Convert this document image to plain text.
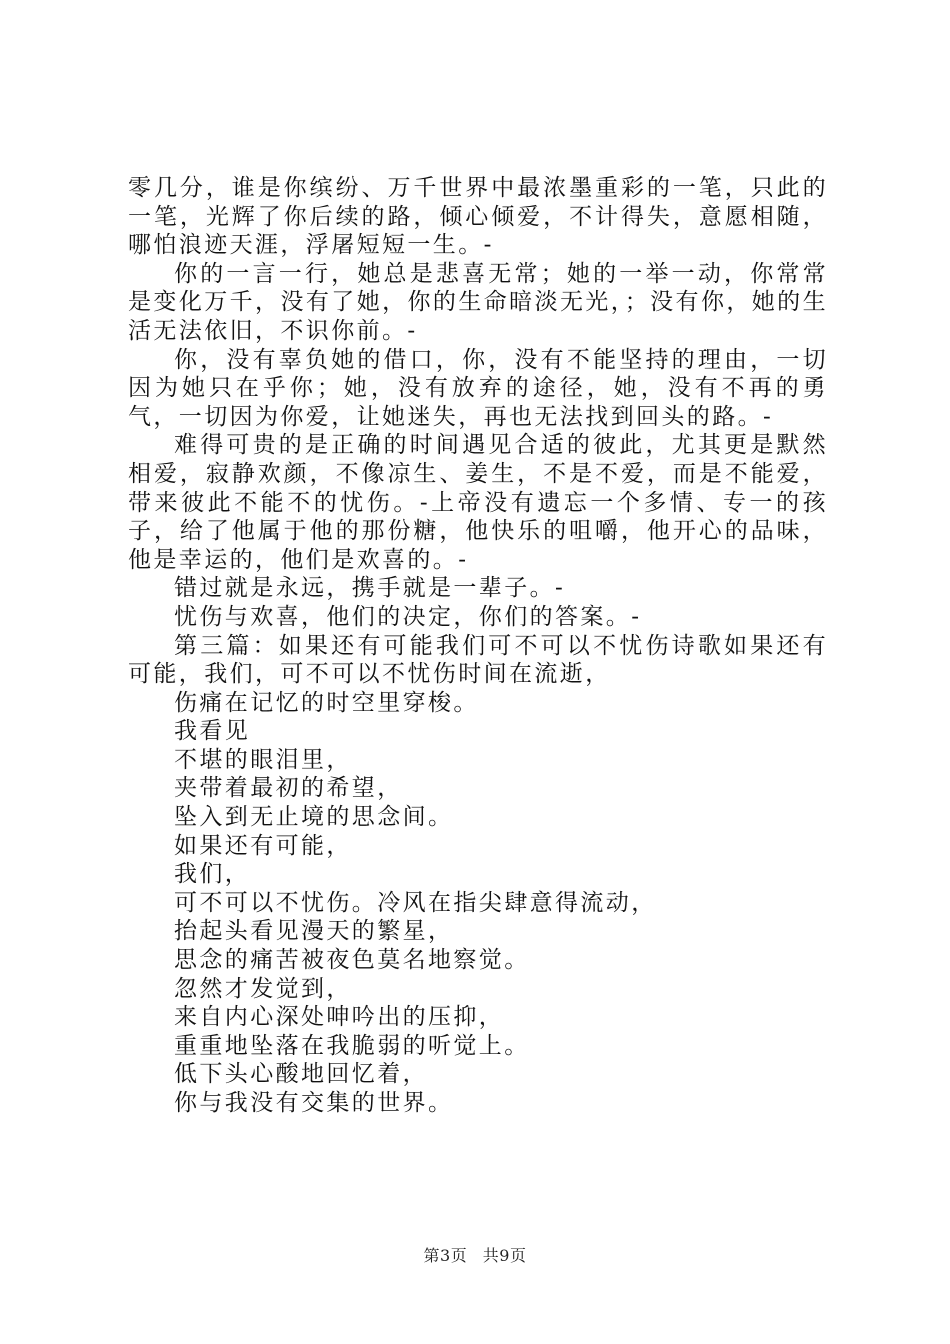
零几分，谁是你缤纷、万千世界中最浓墨重彩的一笔，只此的一笔，光辉了你后续的路，倾心倾爱，不计得失，意愿相随，哪怕浪迹天涯，浮屠短短一生。-

你的一言一行，她总是悲喜无常；她的一举一动，你常常是变化万千，没有了她，你的生命暗淡无光，；没有你，她的生活无法依旧，不识你前。-

你，没有辜负她的借口，你，没有不能坚持的理由，一切因为她只在乎你；她，没有放弃的途径，她，没有不再的勇气，一切因为你爱，让她迷失，再也无法找到回头的路。-

难得可贵的是正确的时间遇见合适的彼此，尤其更是默然相爱，寂静欢颜，不像凉生、姜生，不是不爱，而是不能爱，带来彼此不能不的忧伤。-上帝没有遗忘一个多情、专一的孩子，给了他属于他的那份糖，他快乐的咀嚼，他开心的品味，他是幸运的，他们是欢喜的。-

错过就是永远，携手就是一辈子。-

忧伤与欢喜，他们的决定，你们的答案。-

第三篇：如果还有可能我们可不可以不忧伤诗歌如果还有可能，我们，可不可以不忧伤时间在流逝，

伤痛在记忆的时空里穿梭。

我看见

不堪的眼泪里，

夹带着最初的希望，

坠入到无止境的思念间。

如果还有可能，

我们，

可不可以不忧伤。冷风在指尖肆意得流动，

抬起头看见漫天的繁星，

思念的痛苦被夜色莫名地察觉。

忽然才发觉到，

来自内心深处呻吟出的压抑，

重重地坠落在我脆弱的听觉上。

低下头心酸地回忆着，

你与我没有交集的世界。

第3页 共9页
